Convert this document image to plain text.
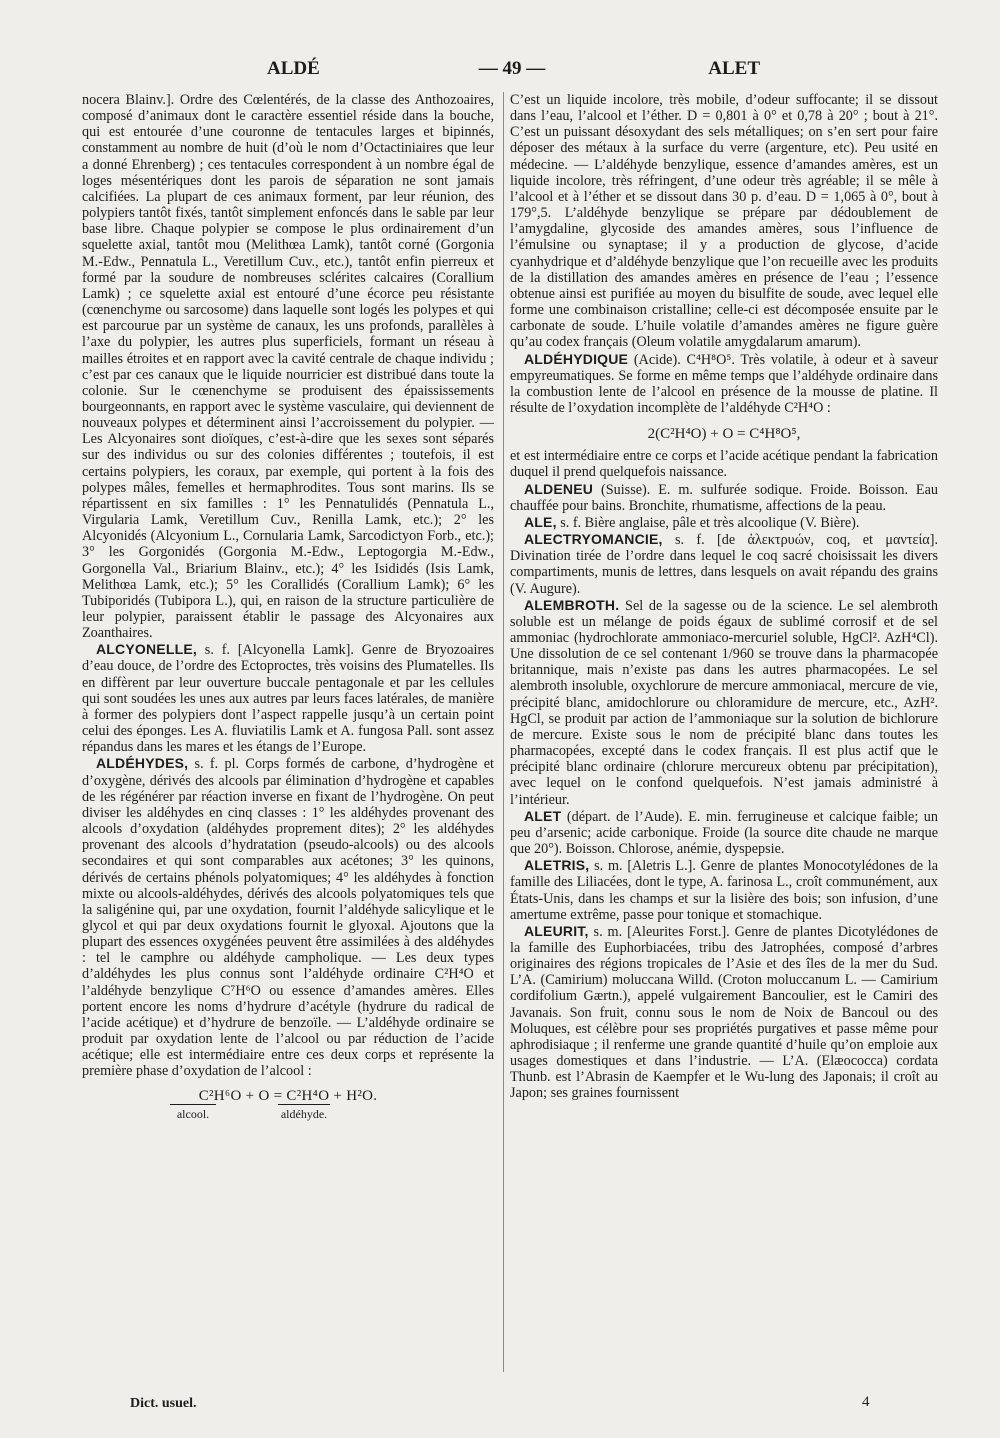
ALDÉ	— 49 —	ALET

nocera Blainv.]. Ordre des Cœlentérés, de la classe des Anthozoaires, composé d’animaux dont le caractère essentiel réside dans la bouche, qui est entourée d’une couronne de tentacules larges et bipinnés, constamment au nombre de huit (d’où le nom d’Octactiniaires que leur a donné Ehrenberg) ; ces tentacules correspondent à un nombre égal de loges mésentériques dont les parois de séparation ne sont jamais calcifiées. La plupart de ces animaux forment, par leur réunion, des polypiers tantôt fixés, tantôt simplement enfoncés dans le sable par leur base libre. Chaque polypier se compose le plus ordinairement d’un squelette axial, tantôt mou (Melithœa Lamk), tantôt corné (Gorgonia M.-Edw., Pennatula L., Veretillum Cuv., etc.), tantôt enfin pierreux et formé par la soudure de nombreuses sclérites calcaires (Corallium Lamk) ; ce squelette axial est entouré d’une écorce peu résistante (cœnenchyme ou sarcosome) dans laquelle sont logés les polypes et qui est parcourue par un système de canaux, les uns profonds, parallèles à l’axe du polypier, les autres plus superficiels, formant un réseau à mailles étroites et en rapport avec la cavité centrale de chaque individu ; c’est par ces canaux que le liquide nourricier est distribué dans toute la colonie. Sur le cœnenchyme se produisent des épaississements bourgeonnants, en rapport avec le système vasculaire, qui deviennent de nouveaux polypes et déterminent ainsi l’accroissement du polypier. — Les Alcyonaires sont dioïques, c’est-à-dire que les sexes sont séparés sur des individus ou sur des colonies différentes ; toutefois, il est certains polypiers, les coraux, par exemple, qui portent à la fois des polypes mâles, femelles et hermaphrodites. Tous sont marins. Ils se répartissent en six familles : 1° les Pennatulidés (Pennatula L., Virgularia Lamk, Veretillum Cuv., Renilla Lamk, etc.); 2° les Alcyonidés (Alcyonium L., Cornularia Lamk, Sarcodictyon Forb., etc.); 3° les Gorgonidés (Gorgonia M.-Edw., Leptogorgia M.-Edw., Gorgonella Val., Briarium Blainv., etc.); 4° les Isididés (Isis Lamk, Melithœa Lamk, etc.); 5° les Corallidés (Corallium Lamk); 6° les Tubiporidés (Tubipora L.), qui, en raison de la structure particulière de leur polypier, paraissent établir le passage des Alcyonaires aux Zoanthaires.

ALCYONELLE, s. f. [Alcyonella Lamk]. Genre de Bryozoaires d’eau douce, de l’ordre des Ectoproctes, très voisins des Plumatelles. Ils en diffèrent par leur ouverture buccale pentagonale et par les cellules qui sont soudées les unes aux autres par leurs faces latérales, de manière à former des polypiers dont l’aspect rappelle jusqu’à un certain point celui des éponges. Les A. fluviatilis Lamk et A. fungosa Pall. sont assez répandus dans les mares et les étangs de l’Europe.

ALDÉHYDES, s. f. pl. Corps formés de carbone, d’hydrogène et d’oxygène, dérivés des alcools par élimination d’hydrogène et capables de les régénérer par réaction inverse en fixant de l’hydrogène. On peut diviser les aldéhydes en cinq classes : 1° les aldéhydes provenant des alcools d’oxydation (aldéhydes proprement dites); 2° les aldéhydes provenant des alcools d’hydratation (pseudo-alcools) ou des alcools secondaires et qui sont comparables aux acétones; 3° les quinons, dérivés de certains phénols polyatomiques; 4° les aldéhydes à fonction mixte ou alcools-aldéhydes, dérivés des alcools polyatomiques tels que la saligénine qui, par une oxydation, fournit l’aldéhyde salicylique et le glycol et qui par deux oxydations fournit le glyoxal. Ajoutons que la plupart des essences oxygénées peuvent être assimilées à des aldéhydes : tel le camphre ou aldéhyde campholique. — Les deux types d’aldéhydes les plus connus sont l’aldéhyde ordinaire C²H⁴O et l’aldéhyde benzylique C⁷H⁶O ou essence d’amandes amères. Elles portent encore les noms d’hydrure d’acétyle (hydrure du radical de l’acide acétique) et d’hydrure de benzoïle. — L’aldéhyde ordinaire se produit par oxydation lente de l’alcool ou par réduction de l’acide acétique; elle est intermédiaire entre ces deux corps et représente la première phase d’oxydation de l’alcool :

C²H⁶O + O = C²H⁴O + H²O.
alcool.	aldéhyde.

C’est un liquide incolore, très mobile, d’odeur suffocante; il se dissout dans l’eau, l’alcool et l’éther. D = 0,801 à 0° et 0,78 à 20° ; bout à 21°. C’est un puissant désoxydant des sels métalliques; on s’en sert pour faire déposer des métaux à la surface du verre (argenture, etc). Peu usité en médecine. — L’aldéhyde benzylique, essence d’amandes amères, est un liquide incolore, très réfringent, d’une odeur très agréable; il se mêle à l’alcool et à l’éther et se dissout dans 30 p. d’eau. D = 1,065 à 0°, bout à 179°,5. L’aldéhyde benzylique se prépare par dédoublement de l’amygdaline, glycoside des amandes amères, sous l’influence de l’émulsine ou synaptase; il y a production de glycose, d’acide cyanhydrique et d’aldéhyde benzylique que l’on recueille avec les produits de la distillation des amandes amères en présence de l’eau ; l’essence obtenue ainsi est purifiée au moyen du bisulfite de soude, avec lequel elle forme une combinaison cristalline; celle-ci est décomposée ensuite par le carbonate de soude. L’huile volatile d’amandes amères ne figure guère qu’au codex français (Oleum volatile amygdalarum amarum).

ALDÉHYDIQUE (Acide). C⁴H⁸O⁵. Très volatile, à odeur et à saveur empyreumatiques. Se forme en même temps que l’aldéhyde ordinaire dans la combustion lente de l’alcool en présence de la mousse de platine. Il résulte de l’oxydation incomplète de l’aldéhyde C²H⁴O :

2(C²H⁴O) + O = C⁴H⁸O⁵,

et est intermédiaire entre ce corps et l’acide acétique pendant la fabrication duquel il prend quelquefois naissance.

ALDENEU (Suisse). E. m. sulfurée sodique. Froide. Boisson. Eau chauffée pour bains. Bronchite, rhumatisme, affections de la peau.

ALE, s. f. Bière anglaise, pâle et très alcoolique (V. Bière).

ALECTRYOMANCIE, s. f. [de ἀλεκτρυών, coq, et μαντεία]. Divination tirée de l’ordre dans lequel le coq sacré choisissait les divers compartiments, munis de lettres, dans lesquels on avait répandu des grains (V. Augure).

ALEMBROTH. Sel de la sagesse ou de la science. Le sel alembroth soluble est un mélange de poids égaux de sublimé corrosif et de sel ammoniac (hydrochlorate ammoniaco-mercuriel soluble, HgCl². AzH⁴Cl). Une dissolution de ce sel contenant 1/960 se trouve dans la pharmacopée britannique, mais n’existe pas dans les autres pharmacopées. Le sel alembroth insoluble, oxychlorure de mercure ammoniacal, mercure de vie, précipité blanc, amidochlorure ou chloramidure de mercure, etc., AzH². HgCl, se produit par action de l’ammoniaque sur la solution de bichlorure de mercure. Existe sous le nom de précipité blanc dans toutes les pharmacopées, excepté dans le codex français. Il est plus actif que le précipité blanc ordinaire (chlorure mercureux obtenu par précipitation), avec lequel on le confond quelquefois. N’est jamais administré à l’intérieur.

ALET (départ. de l’Aude). E. min. ferrugineuse et calcique faible; un peu d’arsenic; acide carbonique. Froide (la source dite chaude ne marque que 20°). Boisson. Chlorose, anémie, dyspepsie.

ALETRIS, s. m. [Aletris L.]. Genre de plantes Monocotylédones de la famille des Liliacées, dont le type, A. farinosa L., croît communément, aux États-Unis, dans les champs et sur la lisière des bois; son infusion, d’une amertume extrême, passe pour tonique et stomachique.

ALEURIT, s. m. [Aleurites Forst.]. Genre de plantes Dicotylédones de la famille des Euphorbiacées, tribu des Jatrophées, composé d’arbres originaires des régions tropicales de l’Asie et des îles de la mer du Sud. L’A. (Camirium) moluccana Willd. (Croton moluccanum L. — Camirium cordifolium Gærtn.), appelé vulgairement Bancoulier, est le Camiri des Javanais. Son fruit, connu sous le nom de Noix de Bancoul ou des Moluques, est célèbre pour ses propriétés purgatives et passe même pour aphrodisiaque ; il renferme une grande quantité d’huile qu’on emploie aux usages domestiques et dans l’industrie. — L’A. (Elæococca) cordata Thunb. est l’Abrasin de Kaempfer et le Wu-lung des Japonais; il croît au Japon; ses graines fournissent

Dict. usuel.	4
